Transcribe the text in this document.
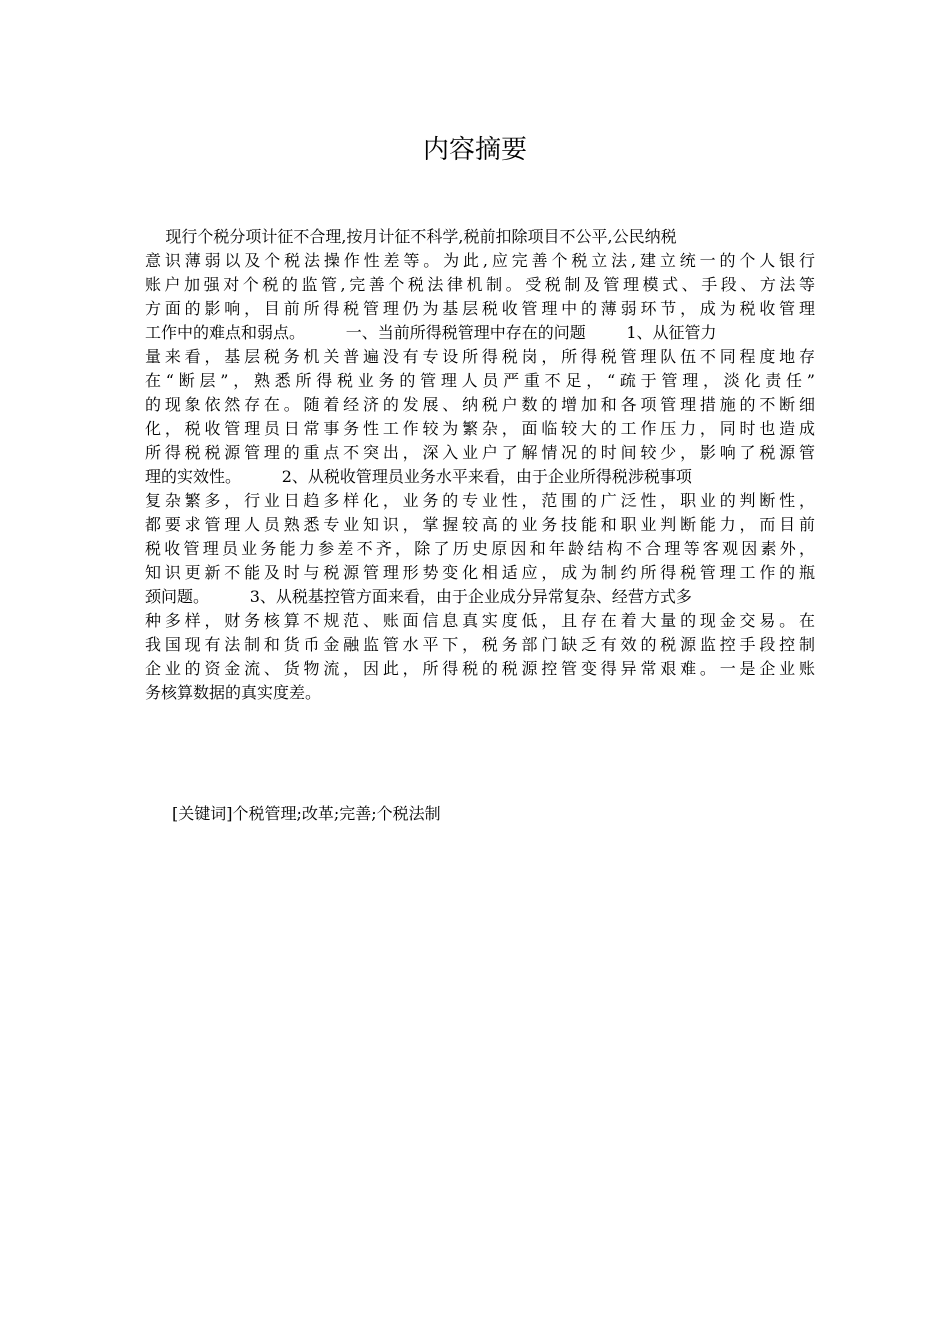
内容摘要
现行个税分项计征不合理,按月计征不科学,税前扣除项目不公平,公民纳税
意识薄弱以及个税法操作性差等。为此,应完善个税立法,建立统一的个人银行
账户加强对个税的监管,完善个税法律机制。受税制及管理模式、手段、方法等
方面的影响，目前所得税管理仍为基层税收管理中的薄弱环节，成为税收管理
工作中的难点和弱点。        一、当前所得税管理中存在的问题        1、从征管力
量来看，基层税务机关普遍没有专设所得税岗，所得税管理队伍不同程度地存
在“断层”，熟悉所得税业务的管理人员严重不足，“疏于管理，淡化责任”
的现象依然存在。随着经济的发展、纳税户数的增加和各项管理措施的不断细
化，税收管理员日常事务性工作较为繁杂，面临较大的工作压力，同时也造成
所得税税源管理的重点不突出，深入业户了解情况的时间较少，影响了税源管
理的实效性。        2、从税收管理员业务水平来看，由于企业所得税涉税事项
复杂繁多，行业日趋多样化，业务的专业性，范围的广泛性，职业的判断性，
都要求管理人员熟悉专业知识，掌握较高的业务技能和职业判断能力，而目前
税收管理员业务能力参差不齐，除了历史原因和年龄结构不合理等客观因素外，
知识更新不能及时与税源管理形势变化相适应，成为制约所得税管理工作的瓶
颈问题。        3、从税基控管方面来看，由于企业成分异常复杂、经营方式多
种多样，财务核算不规范、账面信息真实度低，且存在着大量的现金交易。在
我国现有法制和货币金融监管水平下，税务部门缺乏有效的税源监控手段控制
企业的资金流、货物流，因此，所得税的税源控管变得异常艰难。一是企业账
务核算数据的真实度差。

[关键词]个税管理;改革;完善;个税法制
